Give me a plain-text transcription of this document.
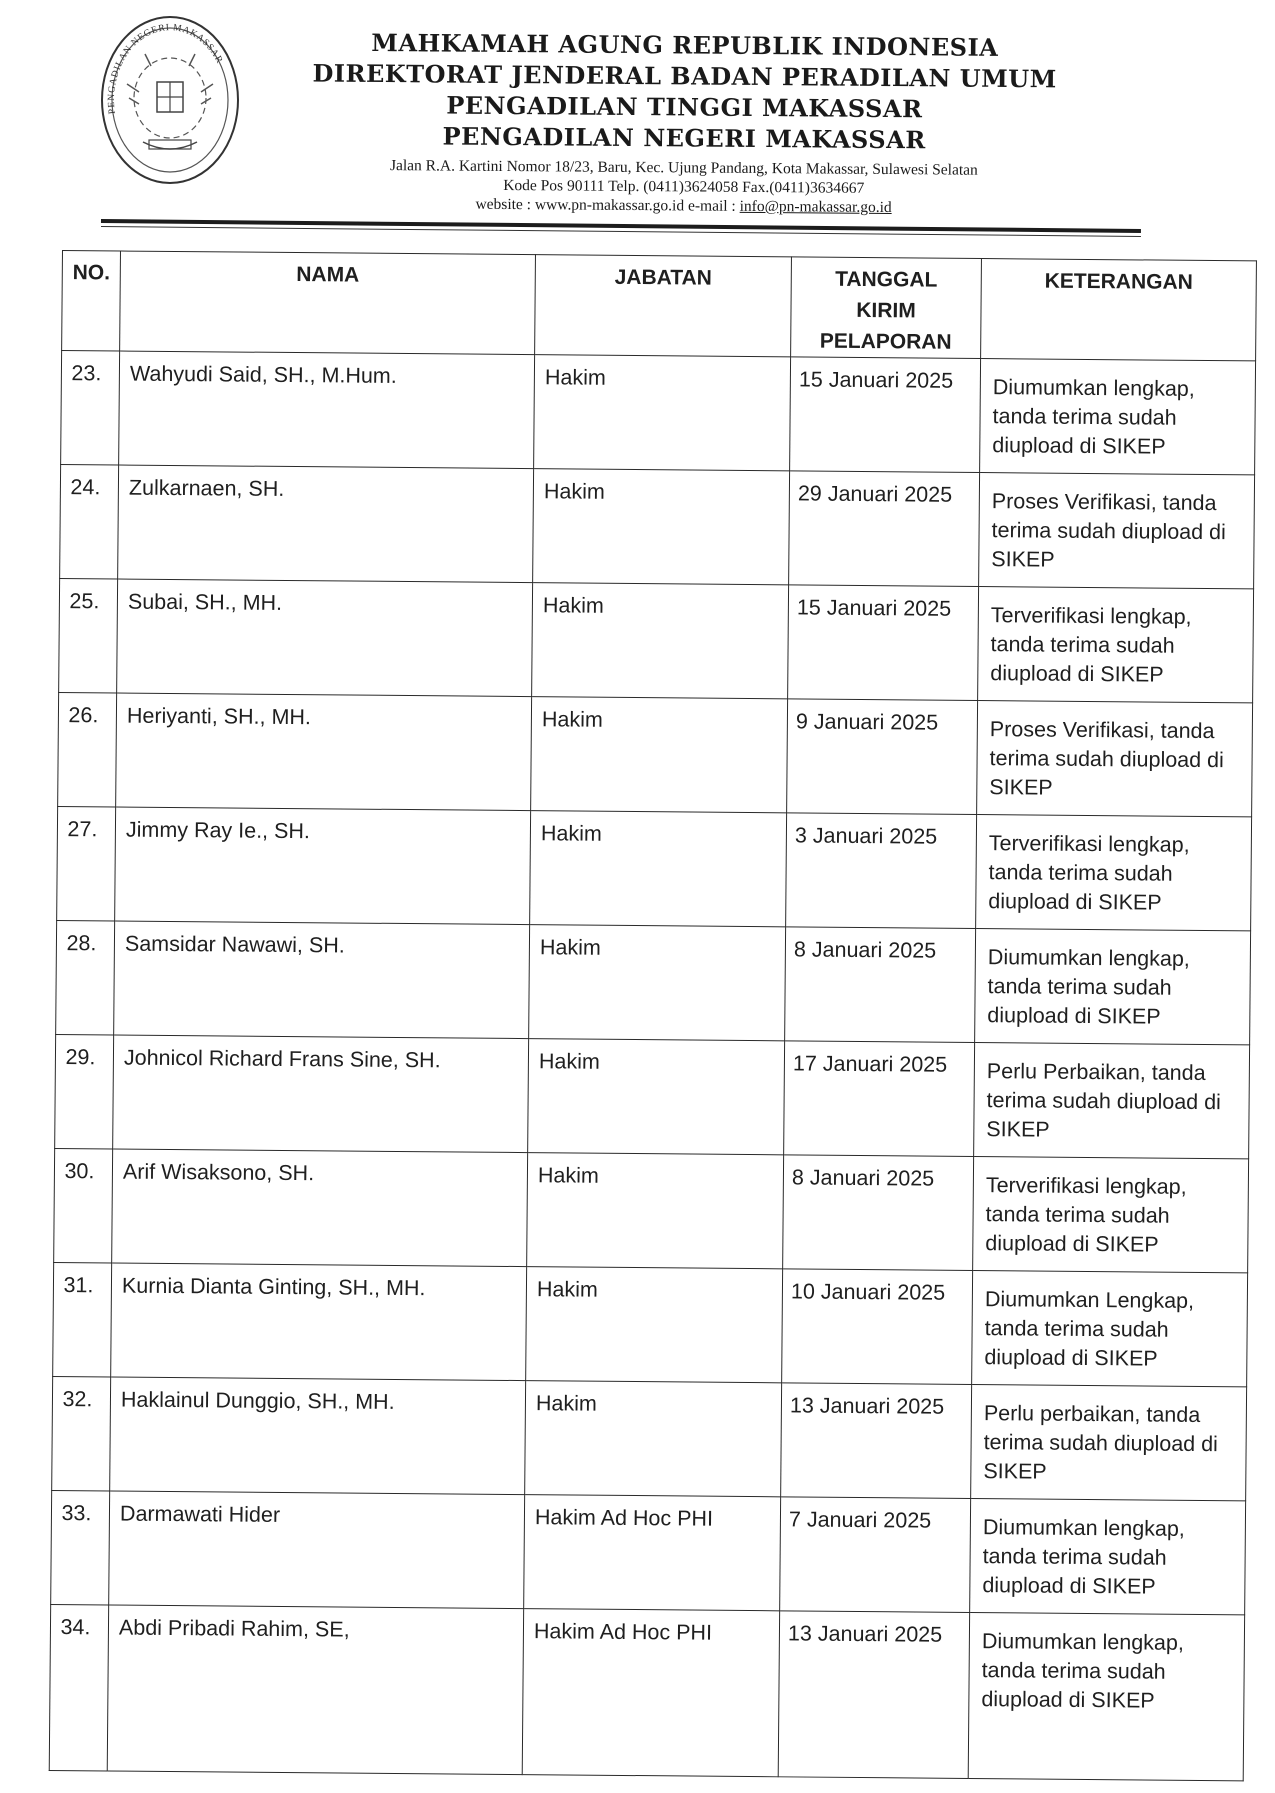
PENGADILAN NEGERI MAKASSAR	MAHKAMAH AGUNG REPUBLIK INDONESIA
DIREKTORAT JENDERAL BADAN PERADILAN UMUM
PENGADILAN TINGGI MAKASSAR
PENGADILAN NEGERI MAKASSAR
Jalan R.A. Kartini Nomor 18/23, Baru, Kec. Ujung Pandang, Kota Makassar, Sulawesi Selatan
Kode Pos 90111 Telp. (0411)3624058 Fax.(0411)3634667
website : www.pn-makassar.go.id e-mail : info@pn-makassar.go.id
NO.	NAMA	JABATAN	TANGGAL
KIRIM
PELAPORAN	KETERANGAN
23.	Wahyudi Said, SH., M.Hum.	Hakim	15 Januari 2025	Diumumkan lengkap, tanda terima sudah diupload di SIKEP

24.	Zulkarnaen, SH.	Hakim	29 Januari 2025	Proses Verifikasi, tanda terima sudah diupload di SIKEP

25.	Subai, SH., MH.	Hakim	15 Januari 2025	Terverifikasi lengkap, tanda terima sudah diupload di SIKEP

26.	Heriyanti, SH., MH.	Hakim	9 Januari 2025	Proses Verifikasi, tanda terima sudah diupload di SIKEP

27.	Jimmy Ray Ie., SH.	Hakim	3 Januari 2025	Terverifikasi lengkap, tanda terima sudah diupload di SIKEP

28.	Samsidar Nawawi, SH.	Hakim	8 Januari 2025	Diumumkan lengkap, tanda terima sudah diupload di SIKEP

29.	Johnicol Richard Frans Sine, SH.	Hakim	17 Januari 2025	Perlu Perbaikan, tanda terima sudah diupload di SIKEP

30.	Arif Wisaksono, SH.	Hakim	8 Januari 2025	Terverifikasi lengkap, tanda terima sudah diupload di SIKEP

31.	Kurnia Dianta Ginting, SH., MH.	Hakim	10 Januari 2025	Diumumkan Lengkap, tanda terima sudah diupload di SIKEP

32.	Haklainul Dunggio, SH., MH.	Hakim	13 Januari 2025	Perlu perbaikan, tanda terima sudah diupload di SIKEP

33.	Darmawati Hider	Hakim Ad Hoc PHI	7 Januari 2025	Diumumkan lengkap, tanda terima sudah diupload di SIKEP

34.	Abdi Pribadi Rahim, SE,	Hakim Ad Hoc PHI	13 Januari 2025	Diumumkan lengkap, tanda terima sudah diupload di SIKEP
